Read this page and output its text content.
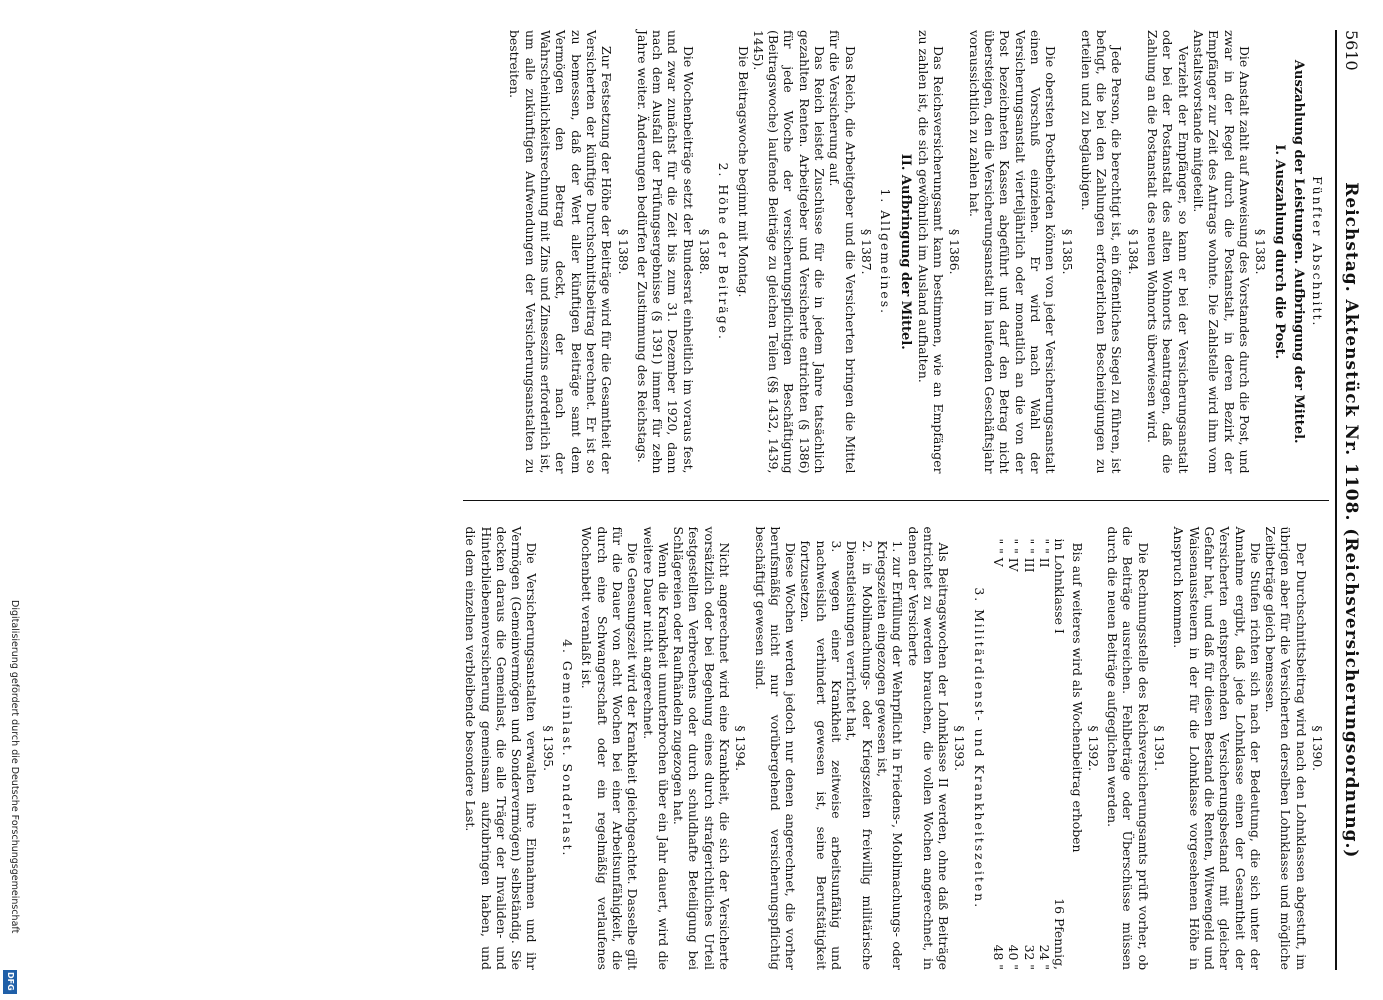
5610
Reichstag. Aktenstück Nr. 1108. (Reichsversicherungsordnung.)
Fünfter Abschnitt.
Auszahlung der Leistungen. Aufbringung der Mittel.
I. Auszahlung durch die Post.
§ 1383.

Die Anstalt zahlt auf Anweisung des Vorstandes durch die Post, und zwar in der Regel durch die Postanstalt, in deren Bezirk der Empfänger zur Zeit des Antrags wohnte. Die Zahlstelle wird ihm vom Anstaltsvorstande mitgeteilt.

Verzieht der Empfänger, so kann er bei der Versicherungsanstalt oder bei der Postanstalt des alten Wohnorts beantragen, daß die Zahlung an die Postanstalt des neuen Wohnorts überwiesen wird.

§ 1384.

Jede Person, die berechtigt ist, ein öffentliches Siegel zu führen, ist befugt, die bei den Zahlungen erforderlichen Bescheinigungen zu erteilen und zu beglaubigen.

§ 1385.

Die obersten Postbehörden können von jeder Versicherungsanstalt einen Vorschuß einziehen. Er wird nach Wahl der Versicherungsanstalt vierteljährlich oder monatlich an die von der Post bezeichneten Kassen abgeführt und darf den Betrag nicht übersteigen, den die Versicherungsanstalt im laufenden Geschäftsjahr voraussichtlich zu zahlen hat.

§ 1386.

Das Reichsversicherungsamt kann bestimmen, wie an Empfänger zu zahlen ist, die sich gewöhnlich im Ausland aufhalten.

II. Aufbringung der Mittel.
1. Allgemeines.
§ 1387.

Das Reich, die Arbeitgeber und die Versicherten bringen die Mittel für die Versicherung auf.

Das Reich leistet Zuschüsse für die in jedem Jahre tatsächlich gezahlten Renten. Arbeitgeber und Versicherte entrichten (§ 1386) für jede Woche der versicherungspflichtigen Beschäftigung (Beitragswoche) laufende Beiträge zu gleichen Teilen (§§ 1432, 1439, 1445).

Die Beitragswoche beginnt mit Montag.

2. Höhe der Beiträge.
§ 1388.

Die Wochenbeiträge setzt der Bundesrat einheitlich im voraus fest, und zwar zunächst für die Zeit bis zum 31. Dezember 1920, dann nach dem Ausfall der Prüfungsergebnisse (§ 1391) immer für zehn Jahre weiter. Änderungen bedürfen der Zustimmung des Reichstags.

§ 1389.

Zur Festsetzung der Höhe der Beiträge wird für die Gesamtheit der Versicherten der künftige Durchschnittsbeitrag berechnet. Er ist so zu bemessen, daß der Wert aller künftigen Beiträge samt dem Vermögen den Betrag deckt, der nach der Wahrscheinlichkeitsrechnung mit Zins und Zinseszins erforderlich ist, um alle zukünftigen Aufwendungen der Versicherungsanstalten zu bestreiten.

§ 1390.

Der Durchschnittsbeitrag wird nach den Lohnklassen abgestuft, im übrigen aber für die Versicherten derselben Lohnklasse und mögliche Zeitbeträge gleich bemessen.

Die Stufen richten sich nach der Bedeutung, die sich unter der Annahme ergibt, daß jede Lohnklasse einen der Gesamtheit der Versicherten entsprechenden Versicherungsbestand mit gleicher Gefahr hat, und daß für diesen Bestand die Renten, Witwengeld und Waisenaussteuern in der für die Lohnklasse vorgesehenen Höhe in Anspruch kommen.

§ 1391.

Die Rechnungsstelle des Reichsversicherungsamts prüft vorher, ob die Beiträge ausreichen. Fehlbeträge oder Überschüsse müssen durch die neuen Beiträge aufgeglichen werden.

§ 1392.

Bis auf weiteres wird als Wochenbeitrag erhoben

in Lohnklasse I
16 Pfennig,
" " II
24 "
" " III
32 "
" " IV
40 "
" " V
48 "
3. Militärdienst- und Krankheitszeiten.
§ 1393.

Als Beitragswochen der Lohnklasse II werden, ohne daß Beiträge entrichtet zu werden brauchen, die vollen Wochen angerechnet, in denen der Versicherte

1. zur Erfüllung der Wehrpflicht in Friedens-, Mobilmachungs- oder Kriegszeiten eingezogen gewesen ist,
2. in Mobilmachungs- oder Kriegszeiten freiwillig militärische Dienstleistungen verrichtet hat,
3. wegen einer Krankheit zeitweise arbeitsunfähig und nachweislich verhindert gewesen ist, seine Berufstätigkeit fortzusetzen.

Diese Wochen werden jedoch nur denen angerechnet, die vorher berufsmäßig nicht nur vorübergehend versicherungspflichtig beschäftigt gewesen sind.

§ 1394.

Nicht angerechnet wird eine Krankheit, die sich der Versicherte vorsätzlich oder bei Begehung eines durch strafgerichtliches Urteil festgestellten Verbrechens oder durch schuldhafte Beteiligung bei Schlägereien oder Raufhändeln zugezogen hat.

Wenn die Krankheit ununterbrochen über ein Jahr dauert, wird die weitere Dauer nicht angerechnet.

Die Genesungszeit wird der Krankheit gleichgeachtet. Dasselbe gilt für die Dauer von acht Wochen bei einer Arbeitsunfähigkeit, die durch eine Schwangerschaft oder ein regelmäßig verlaufenes Wochenbett veranlaßt ist.

4. Gemeinlast. Sonderlast.
§ 1395.

Die Versicherungsanstalten verwalten ihre Einnahmen und ihr Vermögen (Gemeinvermögen und Sondervermögen) selbständig. Sie decken daraus die Gemeinlast, die alle Träger der Invaliden- und Hinterbliebenenversicherung gemeinsam aufzubringen haben, und die dem einzelnen verbleibende besondere Last.

Digitalisierung gefördert durch die Deutsche Forschungsgemeinschaft
DFG
